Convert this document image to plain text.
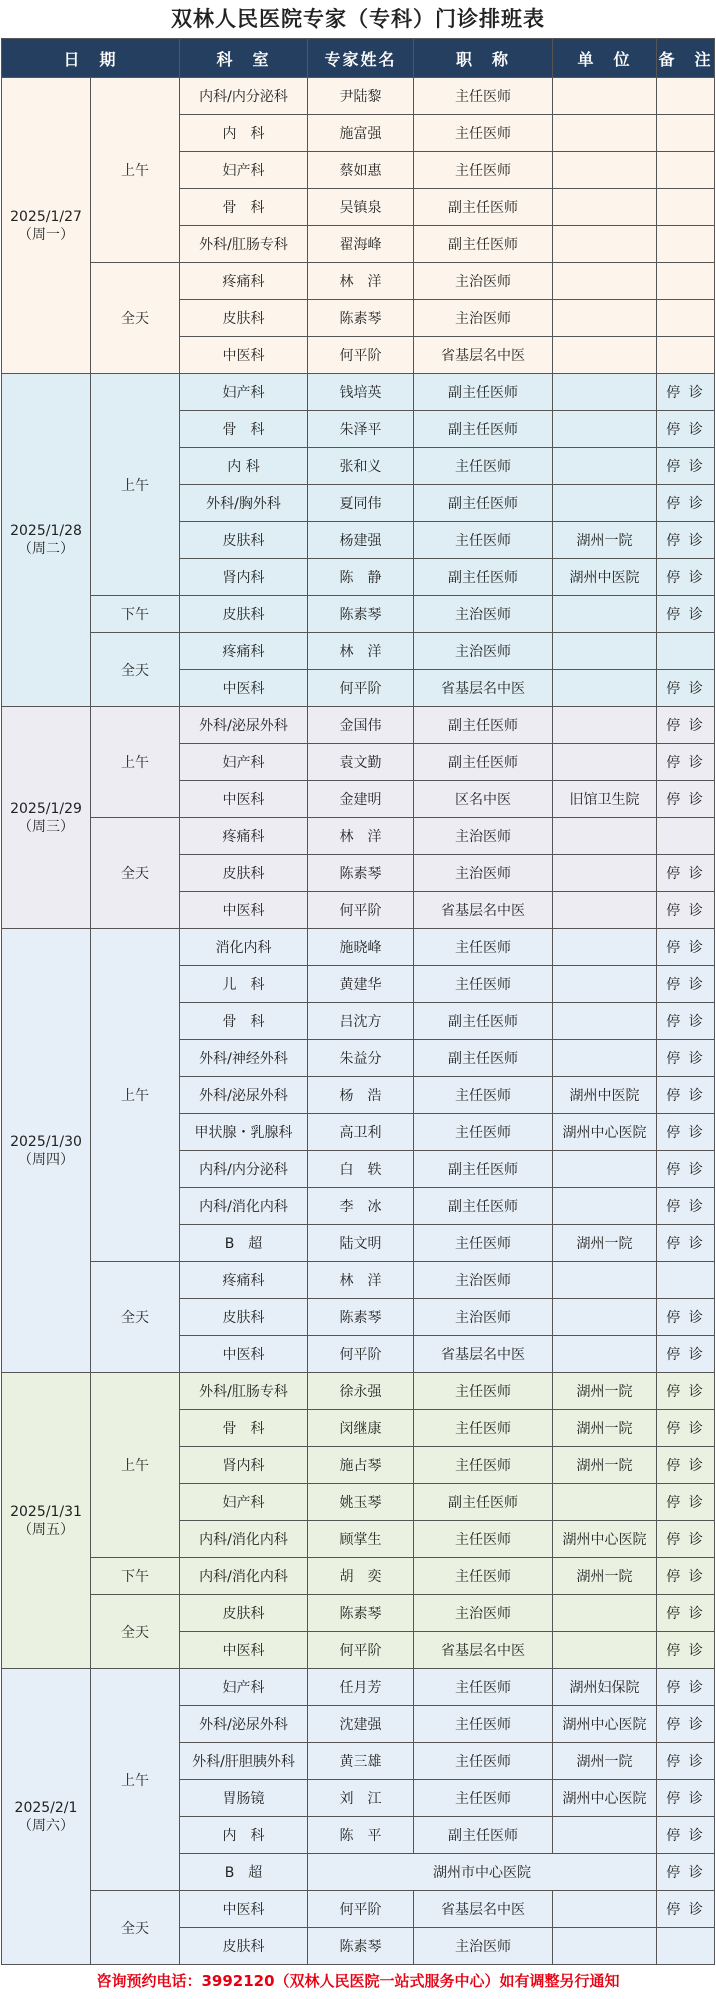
双林人民医院专家（专科）门诊排班表
日　期		科　室	专家姓名	职　称	单　位	备　注

2025/1/27
（周一）	上午	内科/内分泌科	尹陆黎	主任医师		
		内　科	施富强	主任医师		
		妇产科	蔡如惠	主任医师		
		骨　科	吴镇泉	副主任医师		
		外科/肛肠专科	翟海峰	副主任医师		
	全天	疼痛科	林　洋	主治医师		
		皮肤科	陈素琴	主治医师		
		中医科	何平阶	省基层名中医		

2025/1/28
（周二）	上午	妇产科	钱培英	副主任医师		停 诊
		骨　科	朱泽平	副主任医师		停 诊
		内 科	张和义	主任医师		停 诊
		外科/胸外科	夏同伟	副主任医师		停 诊
		皮肤科	杨建强	主任医师	湖州一院	停 诊
		肾内科	陈　静	副主任医师	湖州中医院	停 诊
	下午	皮肤科	陈素琴	主治医师		停 诊
	全天	疼痛科	林　洋	主治医师		
		中医科	何平阶	省基层名中医		停 诊

2025/1/29
（周三）	上午	外科/泌尿外科	金国伟	副主任医师		停 诊
		妇产科	袁文勤	副主任医师		停 诊
		中医科	金建明	区名中医	旧馆卫生院	停 诊
	全天	疼痛科	林　洋	主治医师		
		皮肤科	陈素琴	主治医师		停 诊
		中医科	何平阶	省基层名中医		停 诊

2025/1/30
（周四）	上午	消化内科	施晓峰	主任医师		停 诊
		儿　科	黄建华	主任医师		停 诊
		骨　科	吕沈方	副主任医师		停 诊
		外科/神经外科	朱益分	副主任医师		停 诊
		外科/泌尿外科	杨　浩	主任医师	湖州中医院	停 诊
		甲状腺・乳腺科	高卫利	主任医师	湖州中心医院	停 诊
		内科/内分泌科	白　轶	副主任医师		停 诊
		内科/消化内科	李　冰	副主任医师		停 诊
		B　超	陆文明	主任医师	湖州一院	停 诊
	全天	疼痛科	林　洋	主治医师		
		皮肤科	陈素琴	主治医师		停 诊
		中医科	何平阶	省基层名中医		停 诊

2025/1/31
（周五）	上午	外科/肛肠专科	徐永强	主任医师	湖州一院	停 诊
		骨　科	闵继康	主任医师	湖州一院	停 诊
		肾内科	施占琴	主任医师	湖州一院	停 诊
		妇产科	姚玉琴	副主任医师		停 诊
		内科/消化内科	顾掌生	主任医师	湖州中心医院	停 诊
	下午	内科/消化内科	胡　奕	主任医师	湖州一院	停 诊
	全天	皮肤科	陈素琴	主治医师		停 诊
		中医科	何平阶	省基层名中医		停 诊

2025/2/1
（周六）	上午	妇产科	任月芳	主任医师	湖州妇保院	停 诊
		外科/泌尿外科	沈建强	主任医师	湖州中心医院	停 诊
		外科/肝胆胰外科	黄三雄	主任医师	湖州一院	停 诊
		胃肠镜	刘　江	主任医师	湖州中心医院	停 诊
		内　科	陈　平	副主任医师		停 诊
		B　超	湖州市中心医院			停 诊
	全天	中医科	何平阶	省基层名中医		停 诊
		皮肤科	陈素琴	主治医师		
咨询预约电话：3992120（双林人民医院一站式服务中心）如有调整另行通知
